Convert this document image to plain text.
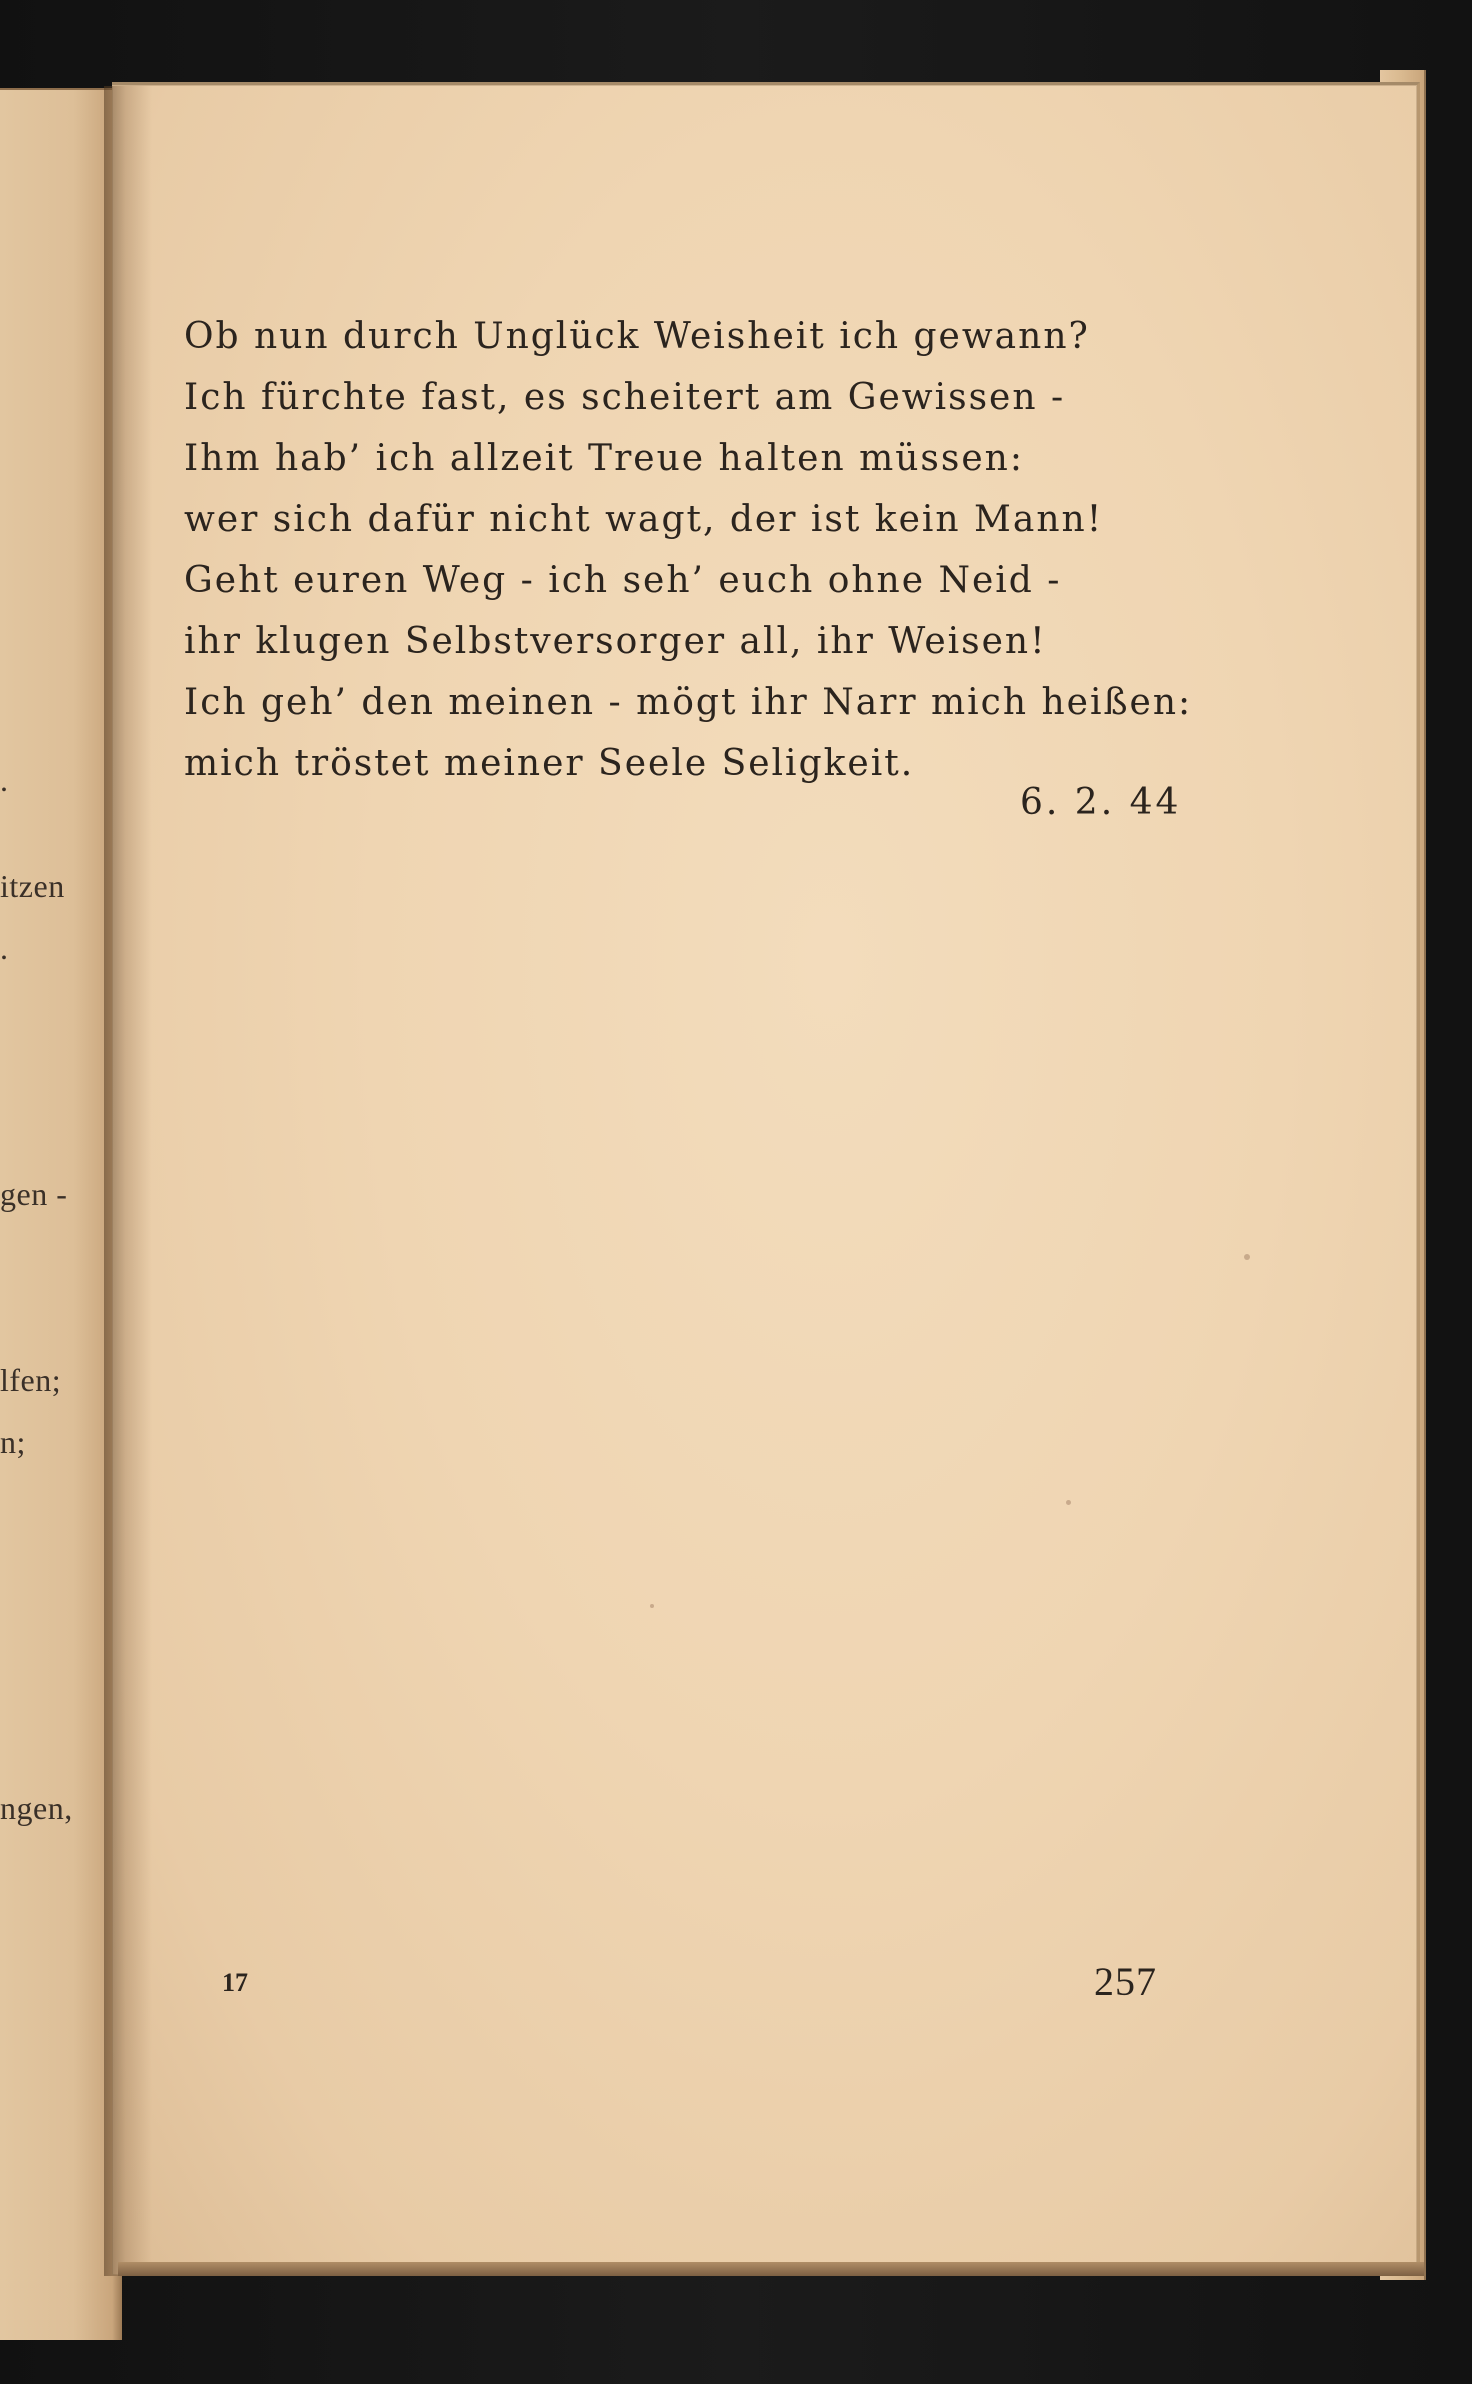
.
itzen
.
gen -
lfen;
n;
ngen,
Ob nun durch Unglück Weisheit ich gewann?
Ich fürchte fast, es scheitert am Gewissen -
Ihm hab’ ich allzeit Treue halten müssen:
wer sich dafür nicht wagt, der ist kein Mann!
Geht euren Weg - ich seh’ euch ohne Neid -
ihr klugen Selbstversorger all, ihr Weisen!
Ich geh’ den meinen - mögt ihr Narr mich heißen:
mich tröstet meiner Seele Seligkeit.
6. 2. 44
17	257
